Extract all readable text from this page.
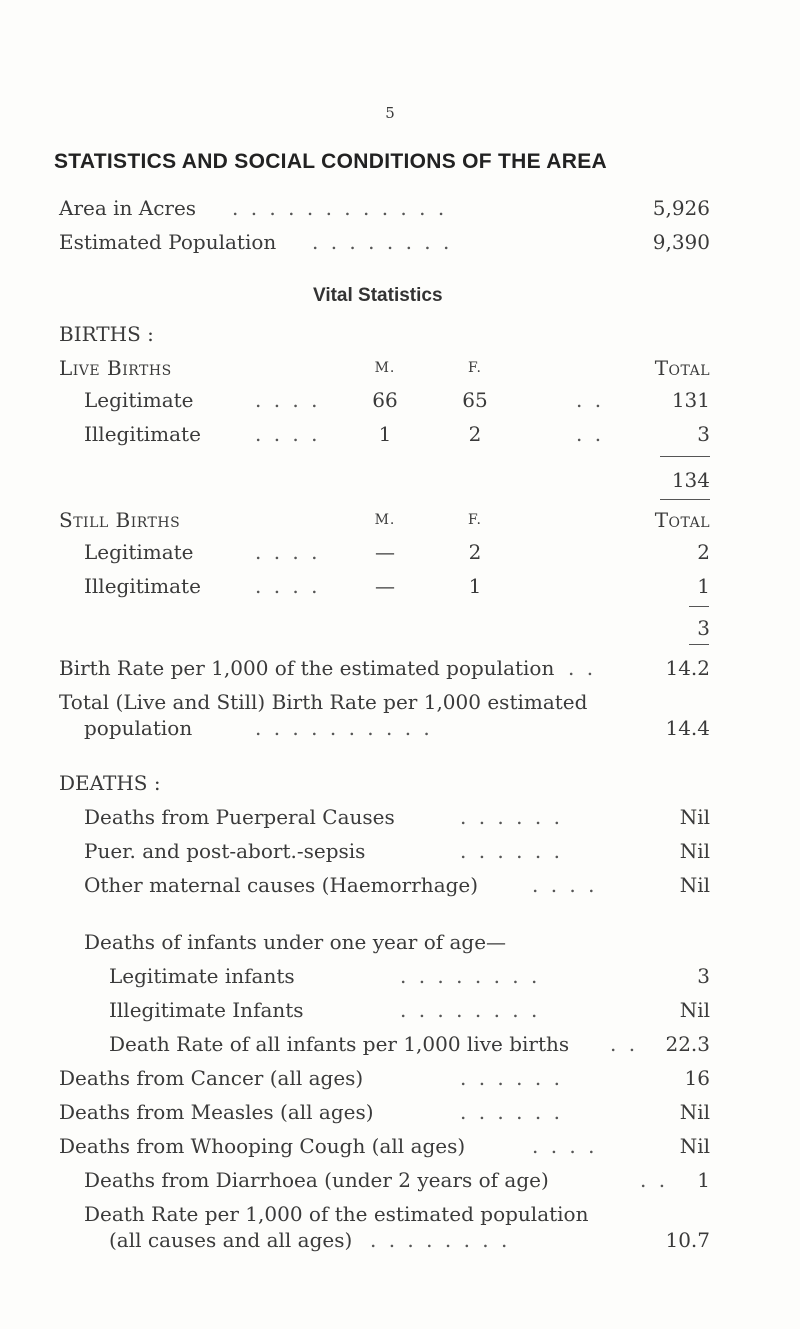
5
STATISTICS AND SOCIAL CONDITIONS OF THE AREA
Area in Acres . . . . . . . . . . . .	5,926
Estimated Population . . . . . . . .	9,390
Vital Statistics
BIRTHS :
Live Births	M.	F.	Total
Legitimate	. . . .	66	65	. .	131
Illegitimate	. . . .	1	2	. .	3
134
Still Births	M.	F.	Total
Legitimate	. . . .	—	2	2
Illegitimate	. . . .	—	1	1
3
Birth Rate per 1,000 of the estimated population . .	14.2
Total (Live and Still) Birth Rate per 1,000 estimated
population	. . . . . . . . . .	14.4
DEATHS :
Deaths from Puerperal Causes	. . . . . .	Nil
Puer. and post-abort.-sepsis	. . . . . .	Nil
Other maternal causes (Haemorrhage)	. . . .	Nil
Deaths of infants under one year of age—
Legitimate infants	. . . . . . . .	3
Illegitimate Infants	. . . . . . . .	Nil
Death Rate of all infants per 1,000 live births . .	22.3
Deaths from Cancer (all ages)	. . . . . .	16
Deaths from Measles (all ages)	. . . . . .	Nil
Deaths from Whooping Cough (all ages)	. . . .	Nil
Deaths from Diarrhoea (under 2 years of age)	. .	1
Death Rate per 1,000 of the estimated population
(all causes and all ages) . . . . . . . .	10.7
